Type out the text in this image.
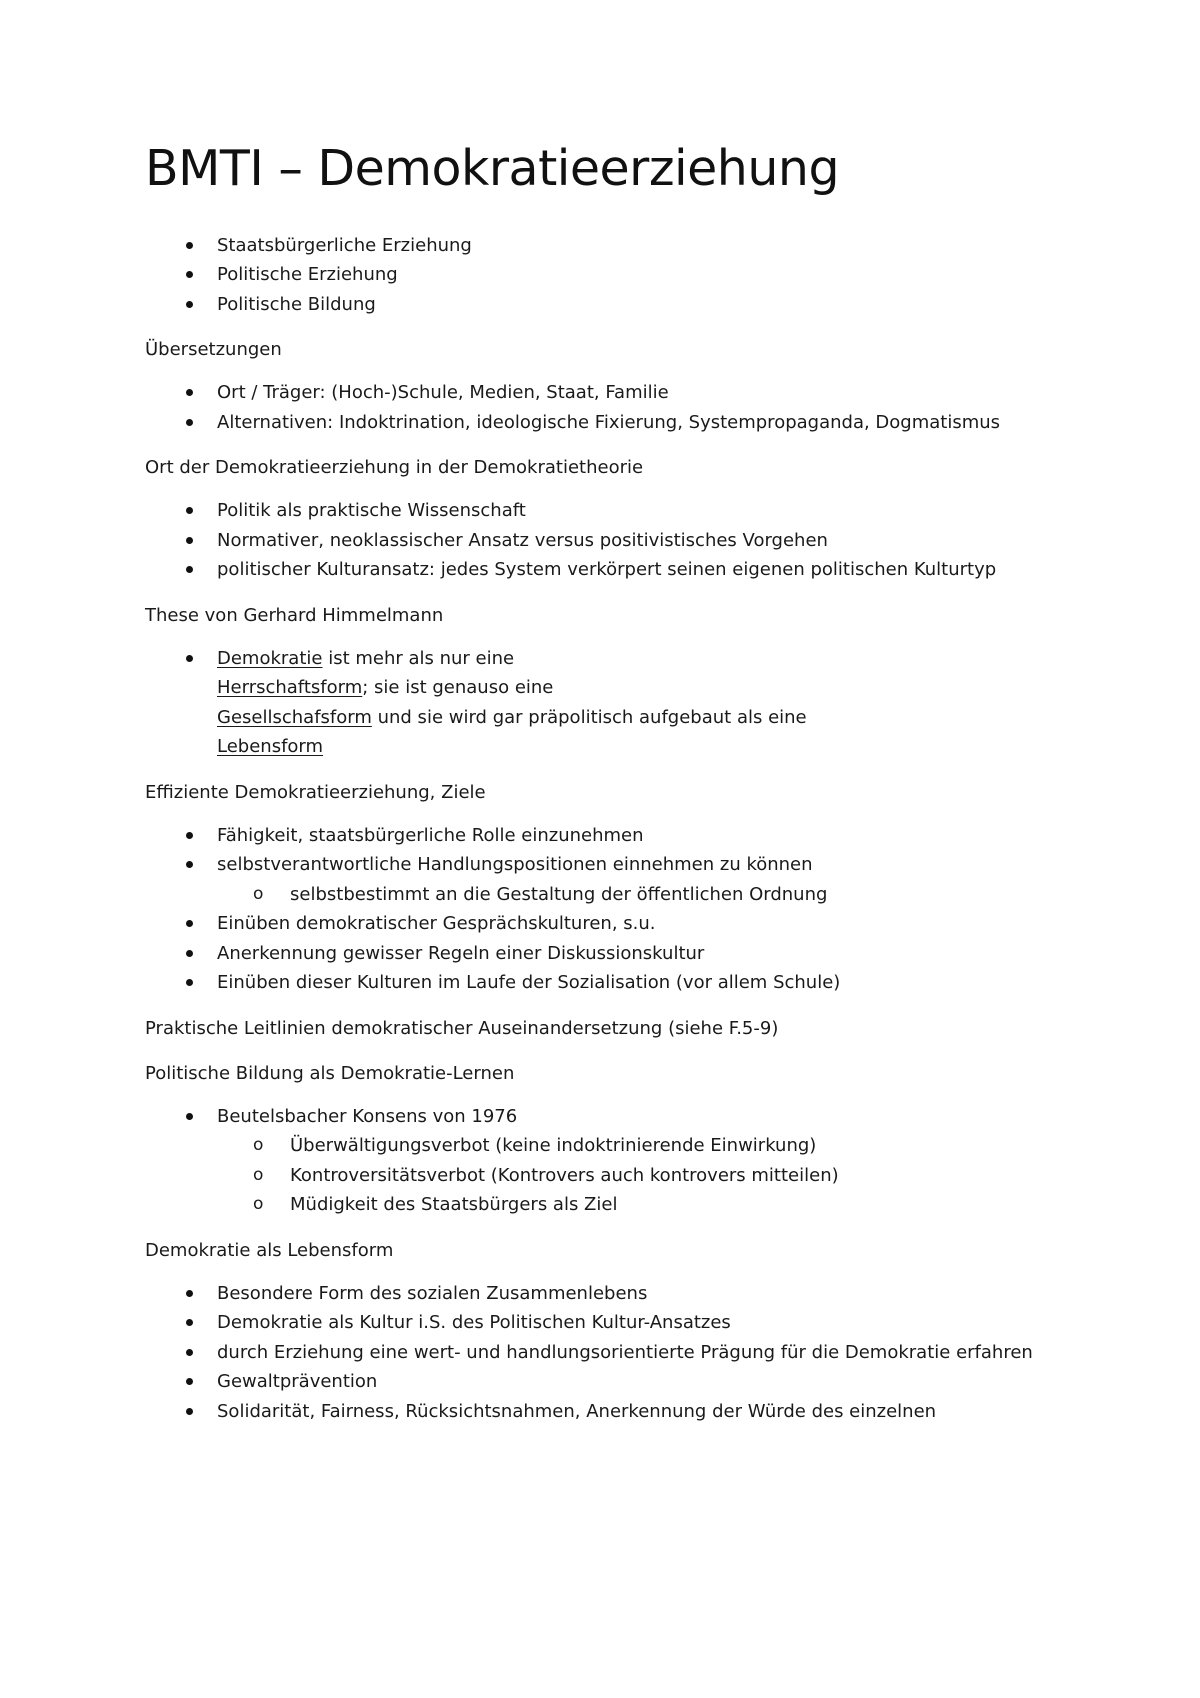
BMTI – Demokratieerziehung
Staatsbürgerliche Erziehung
Politische Erziehung
Politische Bildung
Übersetzungen
Ort / Träger: (Hoch-)Schule, Medien, Staat, Familie
Alternativen: Indoktrination, ideologische Fixierung, Systempropaganda, Dogmatismus
Ort der Demokratieerziehung in der Demokratietheorie
Politik als praktische Wissenschaft
Normativer, neoklassischer Ansatz versus positivistisches Vorgehen
politischer Kulturansatz: jedes System verkörpert seinen eigenen politischen Kulturtyp
These von Gerhard Himmelmann
Demokratie ist mehr als nur eine
Herrschaftsform; sie ist genauso eine
Gesellschafsform und sie wird gar präpolitisch aufgebaut als eine
Lebensform
Effiziente Demokratieerziehung, Ziele
Fähigkeit, staatsbürgerliche Rolle einzunehmen
selbstverantwortliche Handlungspositionen einnehmen zu können
o selbstbestimmt an die Gestaltung der öffentlichen Ordnung
Einüben demokratischer Gesprächskulturen, s.u.
Anerkennung gewisser Regeln einer Diskussionskultur
Einüben dieser Kulturen im Laufe der Sozialisation (vor allem Schule)
Praktische Leitlinien demokratischer Auseinandersetzung (siehe F.5-9)
Politische Bildung als Demokratie-Lernen
Beutelsbacher Konsens von 1976
o Überwältigungsverbot (keine indoktrinierende Einwirkung)
o Kontroversitätsverbot (Kontrovers auch kontrovers mitteilen)
o Müdigkeit des Staatsbürgers als Ziel
Demokratie als Lebensform
Besondere Form des sozialen Zusammenlebens
Demokratie als Kultur i.S. des Politischen Kultur-Ansatzes
durch Erziehung eine wert- und handlungsorientierte Prägung für die Demokratie erfahren
Gewaltprävention
Solidarität, Fairness, Rücksichtsnahmen, Anerkennung der Würde des einzelnen
